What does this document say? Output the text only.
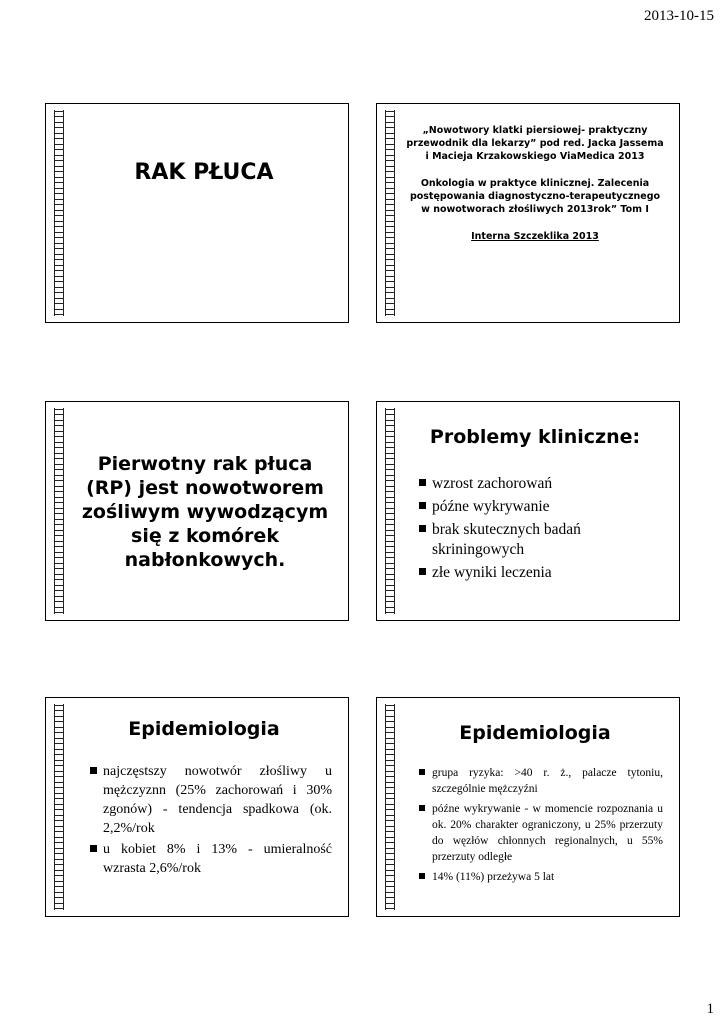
2013-10-15
RAK PŁUCA
„Nowotwory klatki piersiowej- praktyczny przewodnik dla lekarzy” pod red. Jacka Jassema i Macieja Krzakowskiego ViaMedica 2013
Onkologia w praktyce klinicznej. Zalecenia postępowania diagnostyczno-terapeutycznego w nowotworach złośliwych 2013rok” Tom I
Interna Szczeklika 2013
Pierwotny rak płuca (RP) jest nowotworem zośliwym wywodzącym się z komórek nabłonkowych.
Problemy kliniczne:
wzrost zachorowań
późne wykrywanie
brak skutecznych badań skriningowych
złe wyniki leczenia
Epidemiologia
najczęstszy nowotwór złośliwy u mężczyznn (25% zachorowań i 30% zgonów) - tendencja spadkowa (ok. 2,2%/rok
u kobiet 8% i 13% - umieralność wzrasta 2,6%/rok
Epidemiologia
grupa ryzyka: >40 r. ż., palacze tytoniu, szczególnie mężczyźni
późne wykrywanie - w momencie rozpoznania u ok. 20% charakter ograniczony, u 25% przerzuty do węzłów chłonnych regionalnych, u 55% przerzuty odległe
14% (11%) przeżywa 5 lat
1
